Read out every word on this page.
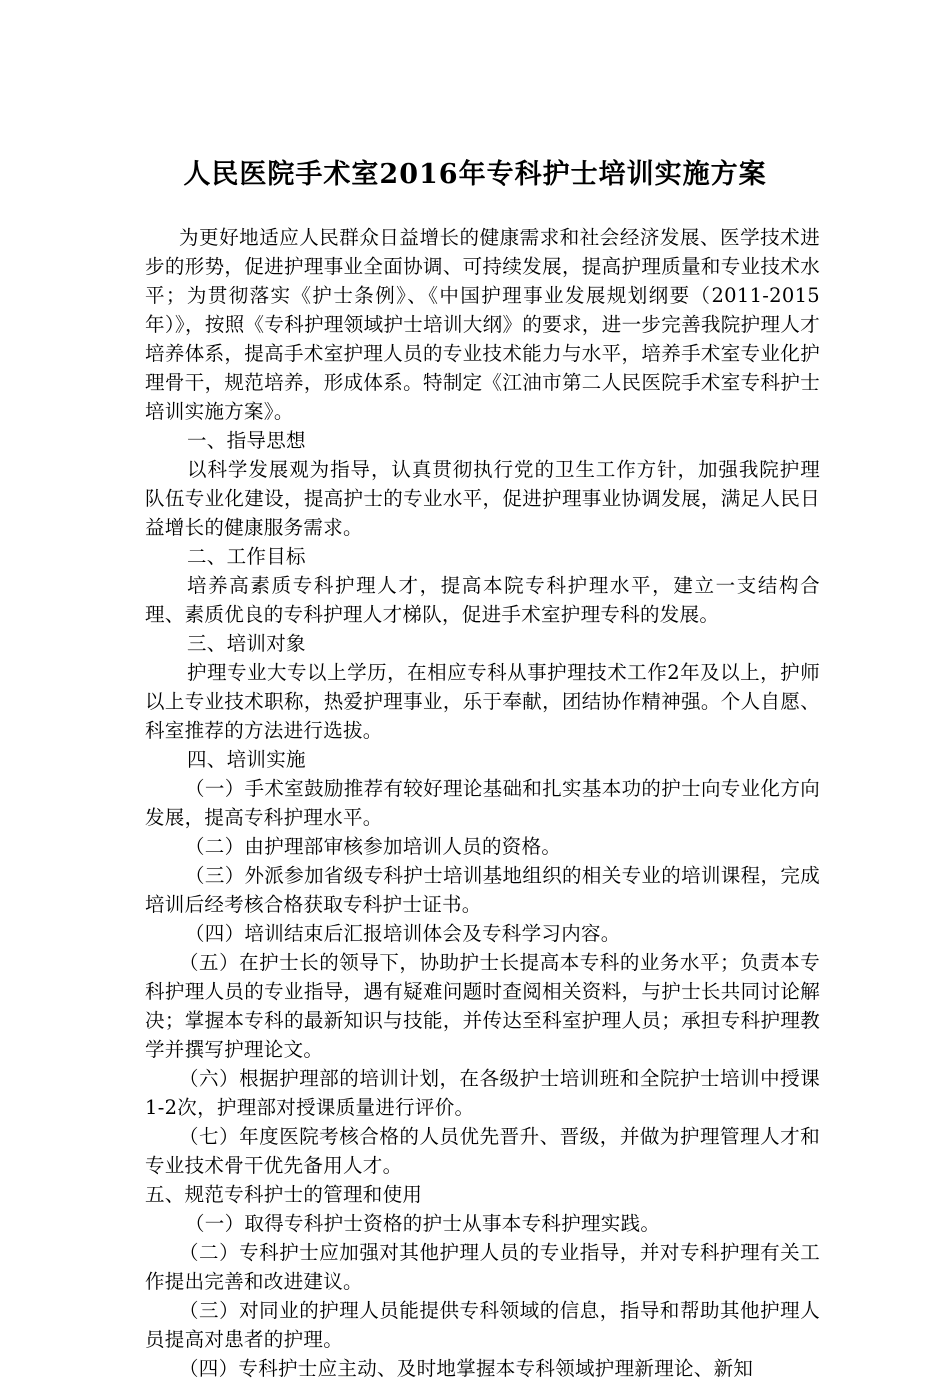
人民医院手术室2016年专科护士培训实施方案

为更好地适应人民群众日益增长的健康需求和社会经济发展、医学技术进步的形势，促进护理事业全面协调、可持续发展，提高护理质量和专业技术水平；为贯彻落实《护士条例》、《中国护理事业发展规划纲要（2011-2015年）》，按照《专科护理领域护士培训大纲》的要求，进一步完善我院护理人才培养体系，提高手术室护理人员的专业技术能力与水平，培养手术室专业化护理骨干，规范培养，形成体系。特制定《江油市第二人民医院手术室专科护士培训实施方案》。

一、指导思想

以科学发展观为指导，认真贯彻执行党的卫生工作方针，加强我院护理队伍专业化建设，提高护士的专业水平，促进护理事业协调发展，满足人民日益增长的健康服务需求。

二、工作目标

培养高素质专科护理人才，提高本院专科护理水平，建立一支结构合理、素质优良的专科护理人才梯队，促进手术室护理专科的发展。

三、培训对象

护理专业大专以上学历，在相应专科从事护理技术工作2年及以上，护师以上专业技术职称，热爱护理事业，乐于奉献，团结协作精神强。个人自愿、科室推荐的方法进行选拔。

四、培训实施

（一）手术室鼓励推荐有较好理论基础和扎实基本功的护士向专业化方向发展，提高专科护理水平。

（二）由护理部审核参加培训人员的资格。

（三）外派参加省级专科护士培训基地组织的相关专业的培训课程，完成培训后经考核合格获取专科护士证书。

（四）培训结束后汇报培训体会及专科学习内容。

（五）在护士长的领导下，协助护士长提高本专科的业务水平；负责本专科护理人员的专业指导，遇有疑难问题时查阅相关资料，与护士长共同讨论解决；掌握本专科的最新知识与技能，并传达至科室护理人员；承担专科护理教学并撰写护理论文。

（六）根据护理部的培训计划，在各级护士培训班和全院护士培训中授课1-2次，护理部对授课质量进行评价。

（七）年度医院考核合格的人员优先晋升、晋级，并做为护理管理人才和专业技术骨干优先备用人才。

五、规范专科护士的管理和使用

（一）取得专科护士资格的护士从事本专科护理实践。

（二）专科护士应加强对其他护理人员的专业指导，并对专科护理有关工作提出完善和改进建议。

（三）对同业的护理人员能提供专科领域的信息，指导和帮助其他护理人员提高对患者的护理。

（四）专科护士应主动、及时地掌握本专科领域护理新理论、新知
